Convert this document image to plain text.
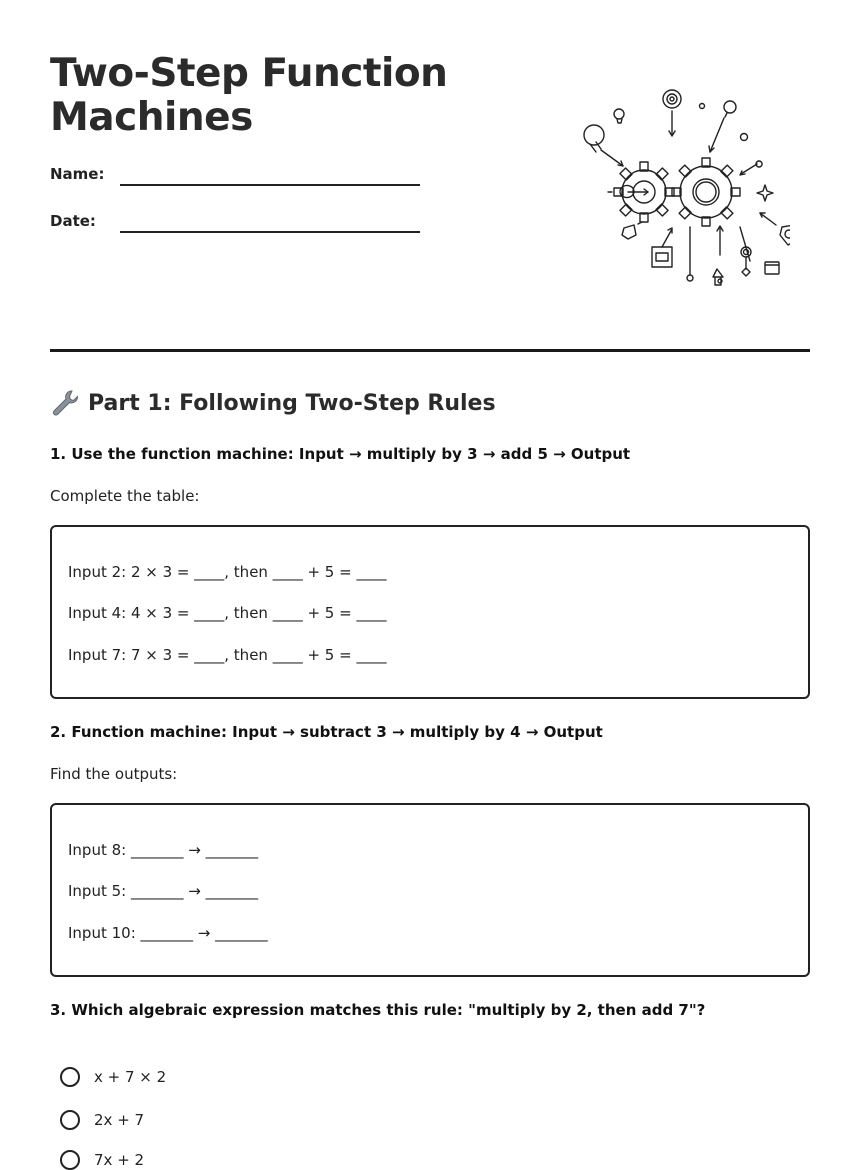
Two-Step Function Machines
Name:
Date:
Part 1: Following Two-Step Rules
1. Use the function machine: Input → multiply by 3 → add 5 → Output
Complete the table:
Input 2: 2 × 3 = ____, then ____ + 5 = ____
Input 4: 4 × 3 = ____, then ____ + 5 = ____
Input 7: 7 × 3 = ____, then ____ + 5 = ____
2. Function machine: Input → subtract 3 → multiply by 4 → Output
Find the outputs:
Input 8: _______ → _______
Input 5: _______ → _______
Input 10: _______ → _______
3. Which algebraic expression matches this rule: "multiply by 2, then add 7"?
x + 7 × 2
2x + 7
7x + 2
